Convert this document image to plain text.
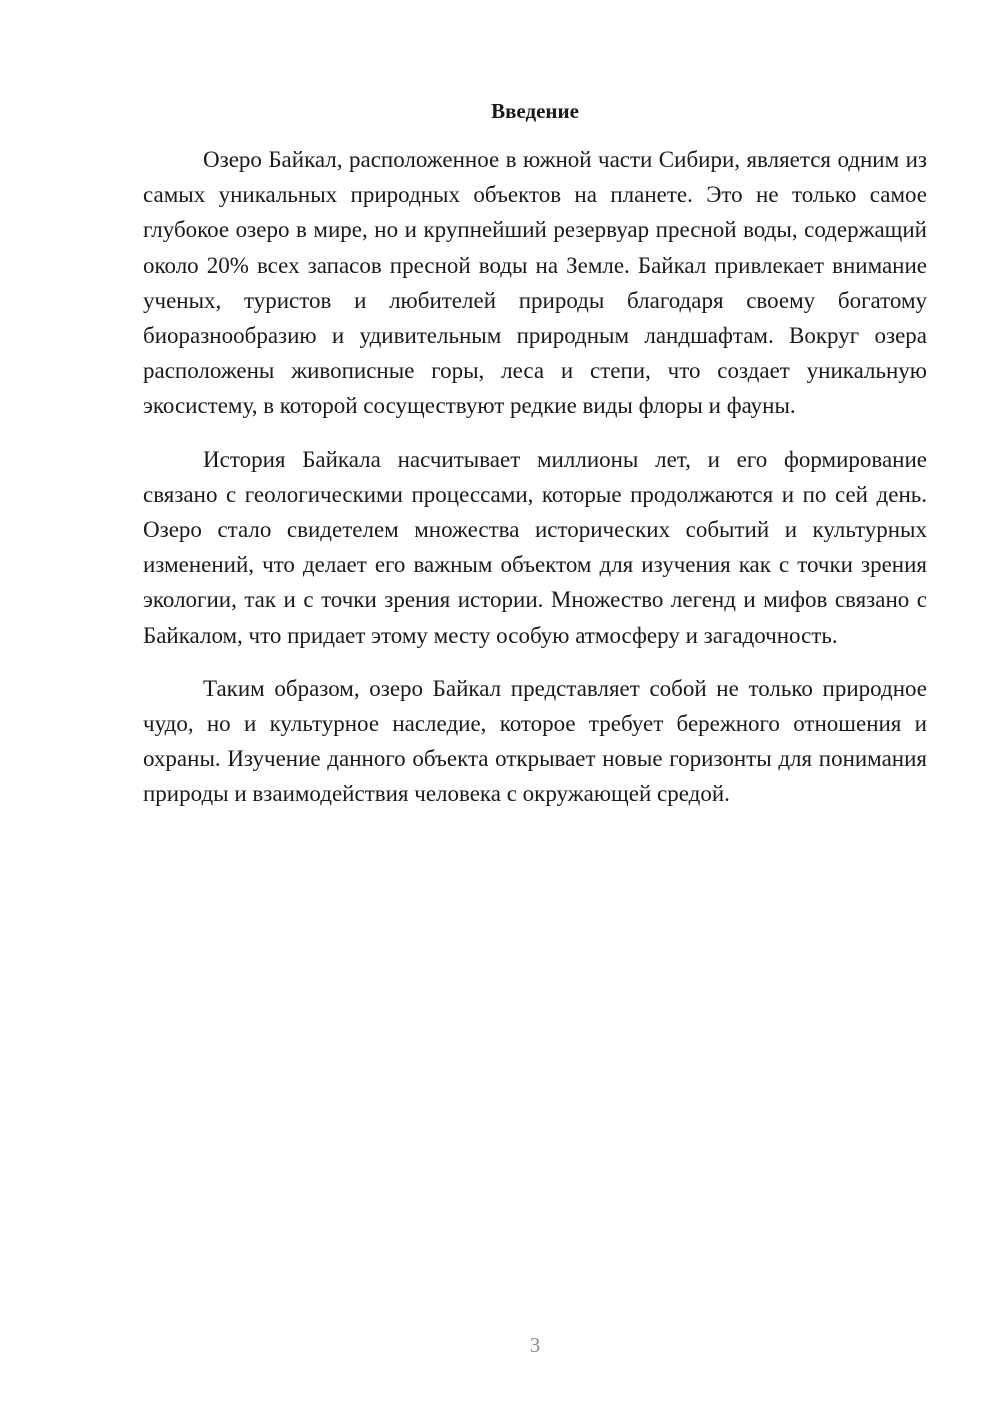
Введение

Озеро Байкал, расположенное в южной части Сибири, является одним из самых уникальных природных объектов на планете. Это не только самое глубокое озеро в мире, но и крупнейший резервуар пресной воды, содержащий около 20% всех запасов пресной воды на Земле. Байкал привлекает внимание ученых, туристов и любителей природы благодаря своему богатому биоразнообразию и удивительным природным ландшафтам. Вокруг озера расположены живописные горы, леса и степи, что создает уникальную экосистему, в которой сосуществуют редкие виды флоры и фауны.

История Байкала насчитывает миллионы лет, и его формирование связано с геологическими процессами, которые продолжаются и по сей день. Озеро стало свидетелем множества исторических событий и культурных изменений, что делает его важным объектом для изучения как с точки зрения экологии, так и с точки зрения истории. Множество легенд и мифов связано с Байкалом, что придает этому месту особую атмосферу и загадочность.

Таким образом, озеро Байкал представляет собой не только природное чудо, но и культурное наследие, которое требует бережного отношения и охраны. Изучение данного объекта открывает новые горизонты для понимания природы и взаимодействия человека с окружающей средой.

3
